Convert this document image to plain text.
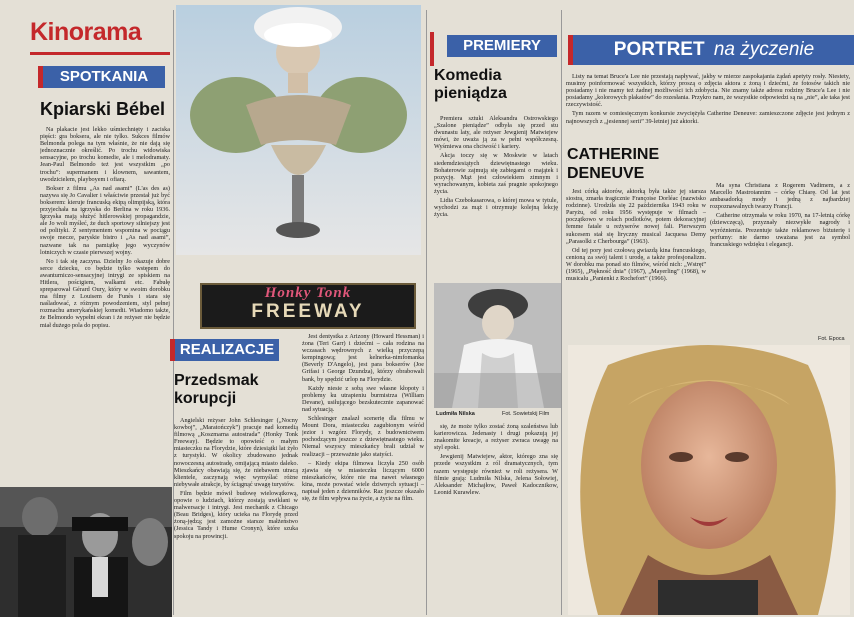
Kinorama
SPOTKANIA
Kpiarski Bébel

Na plakacie jest lekko uśmiechnięty i zaciska pięści: gra boksera, ale nie tylko. Sukces filmów Belmonda polega na tym właśnie, że nie dają się jednoznacznie określić. Po trochu widowiska sensacyjne, po trochu komedie, ale i melodramaty. Jean-Paul Belmondo też jest wszystkim „po trochu”: supermanem i klownem, sawantem, uwodzicielem, playboyem i ofiarą.

Bokser z filmu „As nad asami” (L'as des as) nazywa się Jo Cavalier i właściwie przestał już być bokserem: kieruje francuską ekipą olimpijską, która przyjechała na igrzyska do Berlina w roku 1936. Igrzyska mają służyć hitlerowskiej propagandzie, ale Jo woli myśleć, że duch sportowy silniejszy jest od polityki. Z sentymentem wspomina w pociągu swoje mecze, paryskie bistro i „As nad asami”, nazwane tak na pamiątkę jego wyczynów lotniczych w czasie pierwszej wojny.

No i tak się zaczyna. Dzielny Jo okazuje dobre serce dziecku, co będzie tylko wstępem do awanturniczo-sensacyjnej intrygi ze spiskiem na Hitlera, pościgiem, walkami etc. Fabułę spreparował Gérard Oury, który w swoim dorobku ma filmy z Louisem de Funès i stara się naśladować, z różnym powodzeniem, styl pełnej rozmachu amerykańskiej komedii. Wiadomo także, że Belmondo wypełni ekran i że reżyser nie będzie miał dużego pola do popisu.

Honky Tonk
FREEWAY
REALIZACJE
Przedsmak korupcji

Angielski reżyser John Schlesinger („Nocny kowboj”, „Maratończyk”) pracuje nad komedią filmową „Koszmarna autostrada” (Honky Tonk Freeway). Będzie to opowieść o małym miasteczku na Florydzie, które dziesiątki lat żyło z turystyki. W okolicy zbudowano jednak nowoczesną autostradę, omijającą miasto daleko. Mieszkańcy obawiają się, że niebawem utracą klientele, zaczynają więc wymyślać różne niebywałe atrakcje, by ściągnąć uwagę turystów.

Film będzie mówił budowę wielowątkową, opowie o ludziach, którzy zostają uwikłani w malwersacje i intrygi. Jest mechanik z Chicago (Beau Bridges), który ucieka na Florydę przed żoną-jędzą; jest zamożne starsze małżeństwo (Jessica Tandy i Hume Cronyn), które szuka spokoju na prowincji.

Jest dentystka z Arizony (Howard Hessman) i żona (Teri Garr) i dziećmi – cała rodzina na wczasach wędrownych z wielką przyczepą kempingową; jest kelnerka-nimfomanka (Beverly D'Angelo), jest para bokserów (Joe Grifasi i George Dzundza), którzy obrabowali bank, by spędzić urlop na Florydzie.

Każdy niesie z sobą swe własne kłopoty i problemy ku utrapieniu burmistrza (William Devane), usiłującego bezskutecznie zapanować nad sytuacją.

Schlesinger znalazł scenerię dla filmu w Mount Dora, miasteczku zagubionym wśród jezior i wzgórz Florydy, z budownictwem pochodzącym jeszcze z dziewiętnastego wieku. Niemal wszyscy mieszkańcy brali udział w realizacji – przeważnie jako statyści.

– Kiedy ekipa filmowa liczyła 250 osób zjawia się w miasteczku liczącym 6000 mieszkańców, które nie ma nawet własnego kina, może powstać wiele dziwnych sytuacji – napisał jeden z dzienników. Raz jeszcze okazało się, że film wpływa na życie, a życie na film.

PREMIERY
Komedia pieniądza

Premiera sztuki Aleksandra Ostrowskiego „Szalone pieniądze” odbyła się przed stu dwunastu laty, ale reżyser Jewgienij Matwiejew mówi, że uważa ją za w pełni współczesną. Wyśmiewa ona chciwość i kariery.

Akcja toczy się w Moskwie w latach siedemdziesiątych dziewiętnastego wieku. Bohaterowie zajmują się zabiegami o majątek i pozycję. Mąż jest człowiekiem zimnym i wyrachowanym, kobieta zaś pragnie spokojnego życia.

Lidia Czebokasarowa, o której mowa w tytule, wychodzi za mąż i otrzymuje kolejną lekcję życia.

Ludmiła Nilska	Fot. Sowietskij Film

się, że może tylko zostać żoną szaleństwa lub karierowicza. Jedenasty i drugi pokazują jej znakomite kreacje, a reżyser zwraca uwagę na styl epoki.

Jewgienij Matwiejew, aktor, którego zna się przede wszystkim z ról dramatycznych, tym razem występuje również w roli reżysera. W filmie grają: Ludmiła Nilska, Jelena Sołowiej, Aleksander Michajłow, Paweł Kadocznikow, Leonid Kurawlew.

PORTRET na życzenie

Listy na temat Bruce'a Lee nie przestają napływać, jakby w mierze zaspokajania żądań apetyty rosły. Niestety, musimy poinformować wszystkich, którzy proszą o zdjęcia aktora z żoną i dziećmi, że fotosów takich nie posiadamy i nie mamy też żadnej możliwości ich zdobycia. Nie znamy także adresu rodziny Bruce'a Lee i nie posiadamy „kolorowych plakatów” do rozesłania. Przykro nam, że wszystkie odpowiedzi są na „nie”, ale taka jest rzeczywistość.

Tym razem w comiesięcznym konkursie zwyciężyła Catherine Deneuve: zamieszczone zdjęcie jest jednym z najnowszych z „jesiennej serii” 39-letniej już aktorki.

CATHERINE DENEUVE

Jest córką aktorów, aktorką była także jej starsza siostra, zmarła tragicznie Françoise Dorléac (nazwisko rodzinne). Urodziła się 22 października 1943 roku w Paryżu, od roku 1956 występuje w filmach – początkowo w rolach podlotków, potem dekoracyjnej femme fatale u reżyserów nowej fali. Pierwszym sukcesem stał się liryczny musical Jacquesa Demy „Parasolki z Cherbourga” (1963).

Od tej pory jest czołową gwiazdą kina francuskiego, cenioną za swój talent i urodę, a także profesjonalizm. W dorobku ma ponad sto filmów, wśród nich: „Wstręt” (1965), „Piękność dnia” (1967), „Mayerling” (1968), w musicalu „Panienki z Rochefort” (1966).

Ma syna Christiana z Rogerem Vadimem, a z Marcello Mastroiannim – córkę Chiarę. Od lat jest ambasadorką mody i jedną z najbardziej rozpoznawalnych twarzy Francji.

Catherine otrzymała w roku 1970, na 17-letnią córkę (dziewczęcą), przyznały niezwykłe nagrody i wyróżnienia. Prezentuje także reklamowo biżuterię i perfumy: nie darmo uważana jest za symbol francuskiego wdzięku i elegancji.

Fot. Epoca
